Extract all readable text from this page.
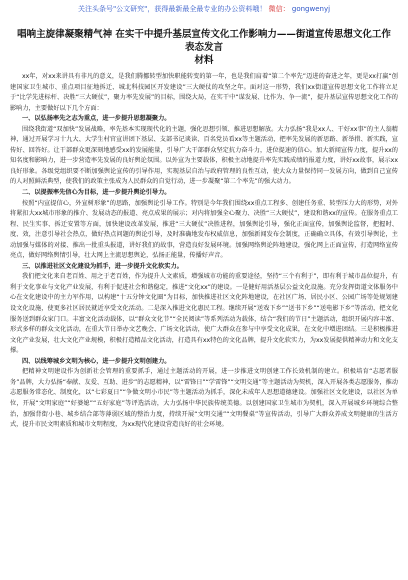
关注头条号"公文研究"，获得最新最全最专业的办公资料哦！ 微信： gongwenyj
唱响主旋律凝聚精气神 在实干中提升基层宣传文化工作影响力——街道宣传思想文化工作表态发言
材料

xx年，对xx来讲具有非凡的意义，是我们腾挪转型加快职能转变的第一年，也是我们肩着“第二个率先”迈进的奋进之年，更是xx打赢“创建国家卫生城市、重点项目征地拆迁、城北科技园区开发建设”三大硬仗的攻坚之年。面对这一形势，我们xx街道宣传思想文化工作将立足于“比学先进标杆、决胜“三大硬仗”，聚力率先发展”的目标，围绕大局，在实干中“谋发展、比作为、争一流”，提升基层宣传思想文化工作的影响力，主要做好以下几个方面：

一、以弘扬率先之志为重点，进一步提升思想凝聚力。

围绕我街道“双加快”发展战略，率先基本实现现代化的主题，强化思想引领、推进思想解放。大力弘扬“我是xx人、干好xx事”的主人翁精神，通过开展学习十九大、大学生村官宣讲团下基层、支部书记谈读、百名党员看xx等主题活动，把率先发展的新思路、新举措、新实践，宣传好、回答好。让干部群众更深刻地感受xx的发展能量，引导广大干部群众坚定抗力奋斗力，进位提速的信心。加大新闻宣传力度，提升xx的知名度和影响力，进一步营造率先发展的良好舆论氛围。以外宣为主要载体，积极主动地提升率先实践成绩的报道力度，讲好xx故事，展示xx良好形象。各级党组织要不断加强舆论宣传的引导作用，实现基层自治与政府管理的良性互动，使大众力量保持同一发展方向，做到自己宣传的人对照鲜活典型，使我们的政策主张成为人民群众的自觉行动，进一步凝聚“第二个率先”的强大动力。

二、以提振率先信心为目标，进一步提升舆论引导力。

按照“内宣提信心，外宣树形象”的思路，加强舆论引导工作。特别是今年我们围绕xx重点工程多、创建任务重、转型压力大的形势，对外将紧扣大xx城市形象的推介、发展动态的报道、亮点成果的展示；对内将加强全心聚力、决胜“三大硬仗”，建设和谐xx的宣传。在服务重点工程、民生实事、拆迁安置等方面，加快建设改革发展，推进“三大硬仗”决胜进程，加强舆论引导，强化正面宣传，加强舆论监督，把握时、度、效，注意引导社会热点，做好热点问题的舆论引导，及时准确地发布权威信息，加强新闻发布会制度，正确确立具体，有效引导舆论，主动加强与媒体的对接、推出一批重头报道，讲好我们的故事，营造良好发展环境。加强网络舆论阵地建设，强化网上正面宣传，打造网络宣传亮点，做好网络舆情引导，壮大网上主流思想舆论，弘扬正能量，传播好声音。

三、以推进社区文化建设为抓手，进一步提升文化软实力。

我们把文化来自老百姓、用之于老百姓，作为提升人文素质，增强城市功能的重要途径，坚持“三个有利于”，即有利于城市品位提升，有利于文化事业与文化产业发展，有利于促进社会和谐稳定，推进“文化xx”的建设。一是健好用活基层公益文化设施。充分发挥街道文体服务中心在文化建设中的主力军作用，以构建“十五分钟文化圈”为目标，加快推进社区文化阵地建设，在社区广场、居民小区、公园广场等处规划建设文化设施，使更多社区居民就近享受文化活动。二是深入推进文化惠民工程。继续开展“送戏下乡”“送书下乡”“送电影下乡”等活动，把文化服务送到群众家门口。丰富文化活动载体，以“群众文化节”“全民阅读”等系列活动为载体，结合“我们的节日”主题活动，组织开展内容丰富、形式多样的群众文化活动，在重大节日举办文艺晚会、广场文化活动，使广大群众在参与中享受文化成果，在文化中增进团结。三是积极推进文化产业发展，壮大文化产业规模，积极打造精品文化活动，打造具有xx特色的文化品牌，提升文化软实力，为xx发展提供精神动力和文化支撑。

四、以线筹城乡文明为核心，进一步提升文明创建力。

把精神文明建设作为创新社会管理的重要抓手，通过主题活动的开展，进一步推进文明创建工作长效机制的建立。积极培育“志愿者服务”品牌，大力弘扬“奉献、友爱、互助、进步”的志愿精神，以“雷锋日”“学雷锋”“文明交通”等主题活动为契机，深入开展各类志愿服务，推动志愿服务常态化、制度化，以“七彩夏日”“争做文明小市民”等主题活动为抓手，深化未成年人思想道德建设。加强社区文化建设，以社区为单位，开展“文明家庭”“好婆媳”“五好家庭”等评选活动，大力弘扬中华民族传统美德。以创建国家卫生城市为契机，深入开展城乡环境综合整治，加强背街小巷、城乡结合部等薄弱区域的整治力度，持续开展“文明交通”“文明餐桌”等宣传活动，引导广大群众养成文明健康的生活方式，提升市民文明素质和城市文明程度，为xx现代化建设营造良好的社会环境。
